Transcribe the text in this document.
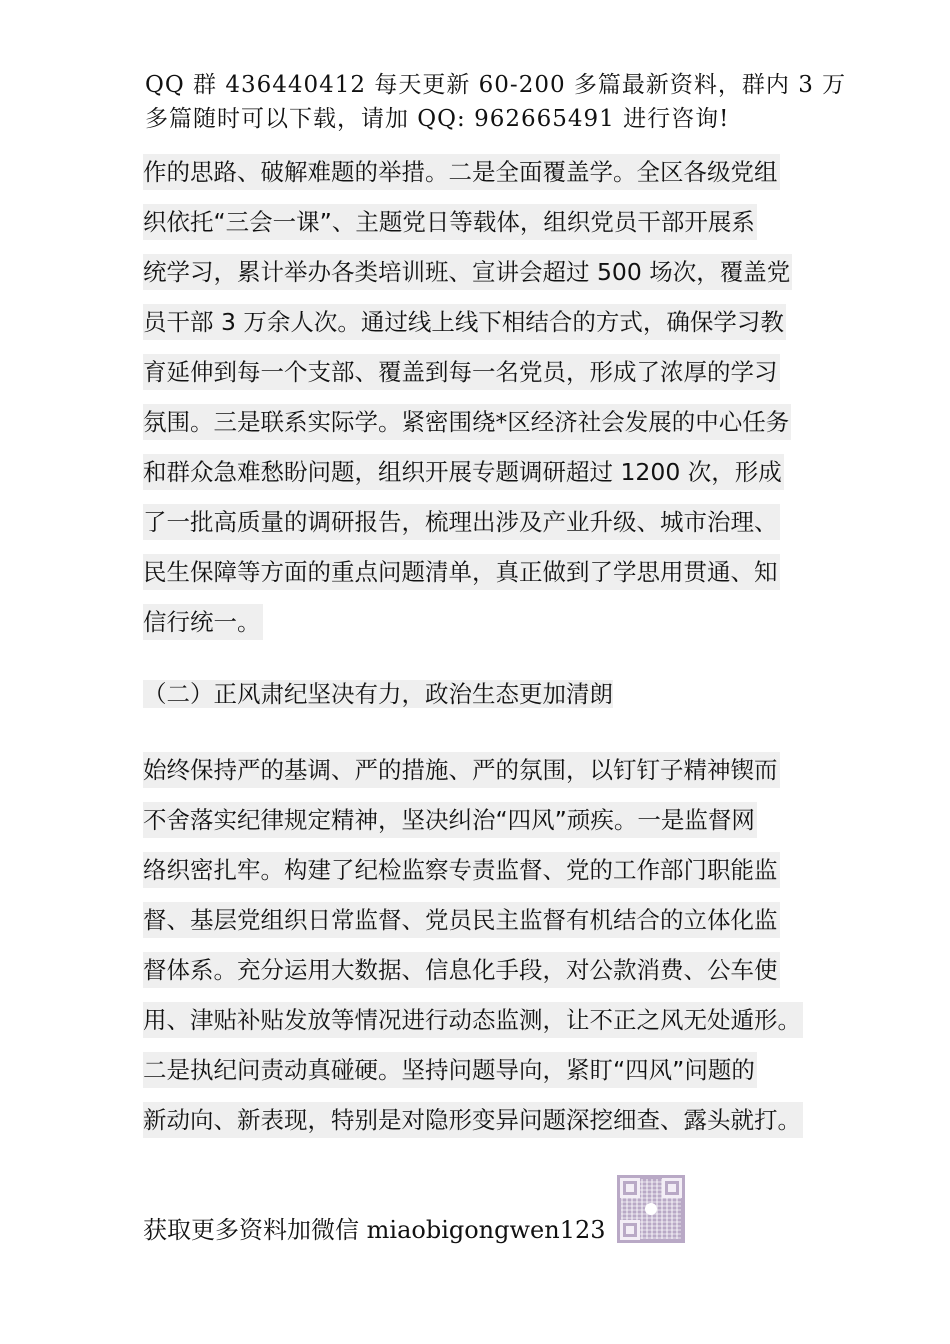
QQ 群 436440412 每天更新 60-200 多篇最新资料，群内 3 万
多篇随时可以下载，请加 QQ: 962665491 进行咨询!
作的思路、破解难题的举措。二是全面覆盖学。全区各级党组
织依托“三会一课”、主题党日等载体，组织党员干部开展系
统学习，累计举办各类培训班、宣讲会超过 500 场次，覆盖党
员干部 3 万余人次。通过线上线下相结合的方式，确保学习教
育延伸到每一个支部、覆盖到每一名党员，形成了浓厚的学习
氛围。三是联系实际学。紧密围绕*区经济社会发展的中心任务
和群众急难愁盼问题，组织开展专题调研超过 1200 次，形成
了一批高质量的调研报告，梳理出涉及产业升级、城市治理、
民生保障等方面的重点问题清单，真正做到了学思用贯通、知
信行统一。
（二）正风肃纪坚决有力，政治生态更加清朗
始终保持严的基调、严的措施、严的氛围，以钉钉子精神锲而
不舍落实纪律规定精神，坚决纠治“四风”顽疾。一是监督网
络织密扎牢。构建了纪检监察专责监督、党的工作部门职能监
督、基层党组织日常监督、党员民主监督有机结合的立体化监
督体系。充分运用大数据、信息化手段，对公款消费、公车使
用、津贴补贴发放等情况进行动态监测，让不正之风无处遁形。
二是执纪问责动真碰硬。坚持问题导向，紧盯“四风”问题的
新动向、新表现，特别是对隐形变异问题深挖细查、露头就打。
获取更多资料加微信 miaobigongwen123
